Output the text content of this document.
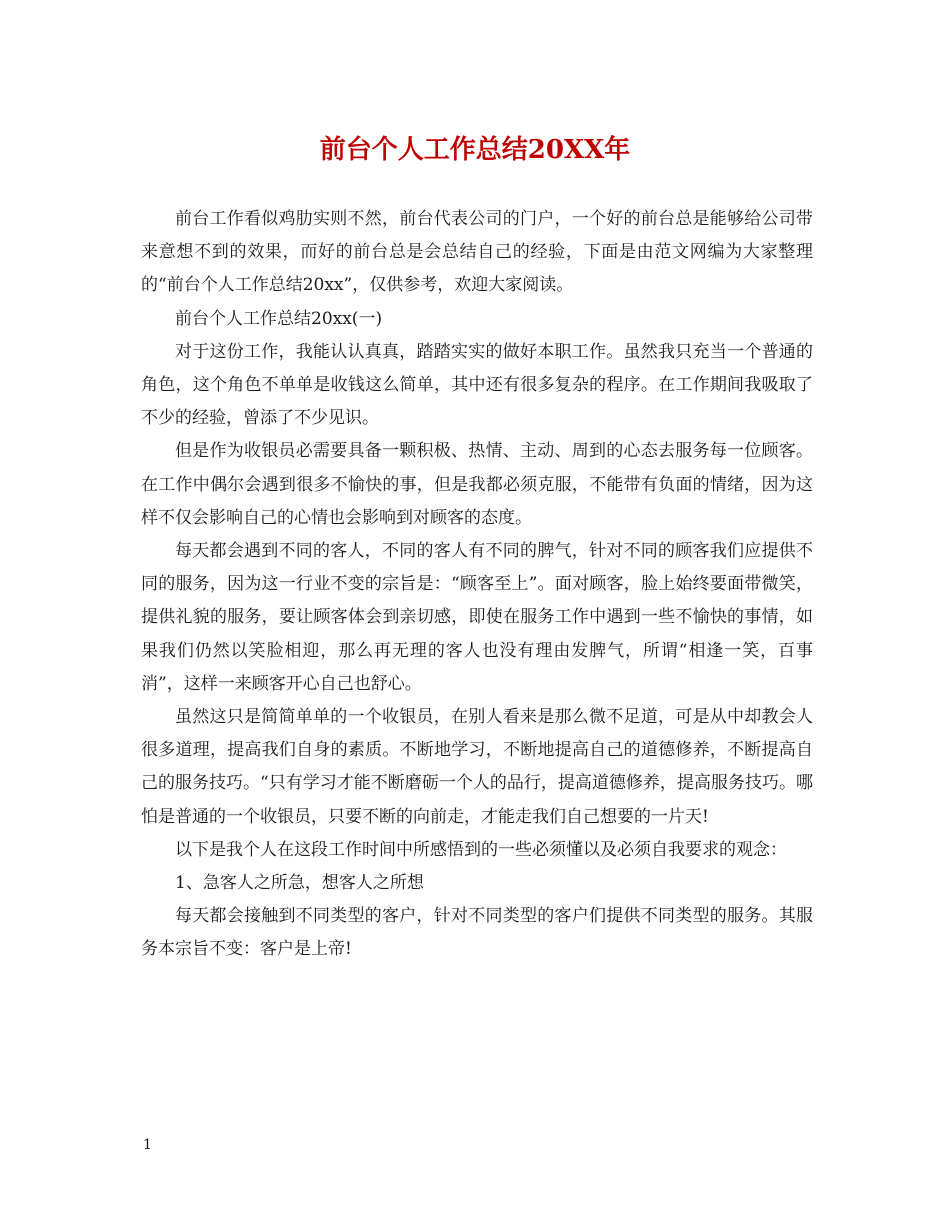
前台个人工作总结20XX年

前台工作看似鸡肋实则不然，前台代表公司的门户，一个好的前台总是能够给公司带来意想不到的效果，而好的前台总是会总结自己的经验，下面是由范文网编为大家整理的“前台个人工作总结20xx”，仅供参考，欢迎大家阅读。

前台个人工作总结20xx(一)

对于这份工作，我能认认真真，踏踏实实的做好本职工作。虽然我只充当一个普通的角色，这个角色不单单是收钱这么简单，其中还有很多复杂的程序。在工作期间我吸取了不少的经验，曾添了不少见识。

但是作为收银员必需要具备一颗积极、热情、主动、周到的心态去服务每一位顾客。在工作中偶尔会遇到很多不愉快的事，但是我都必须克服，不能带有负面的情绪，因为这样不仅会影响自己的心情也会影响到对顾客的态度。

每天都会遇到不同的客人，不同的客人有不同的脾气，针对不同的顾客我们应提供不同的服务，因为这一行业不变的宗旨是：“顾客至上”。面对顾客，脸上始终要面带微笑，提供礼貌的服务，要让顾客体会到亲切感，即使在服务工作中遇到一些不愉快的事情，如果我们仍然以笑脸相迎，那么再无理的客人也没有理由发脾气，所谓“相逢一笑，百事消”，这样一来顾客开心自己也舒心。

虽然这只是简简单单的一个收银员，在别人看来是那么微不足道，可是从中却教会人很多道理，提高我们自身的素质。不断地学习，不断地提高自己的道德修养，不断提高自己的服务技巧。“只有学习才能不断磨砺一个人的品行，提高道德修养，提高服务技巧。哪怕是普通的一个收银员，只要不断的向前走，才能走我们自己想要的一片天!

以下是我个人在这段工作时间中所感悟到的一些必须懂以及必须自我要求的观念：

1、急客人之所急，想客人之所想

每天都会接触到不同类型的客户，针对不同类型的客户们提供不同类型的服务。其服务本宗旨不变：客户是上帝!

1
